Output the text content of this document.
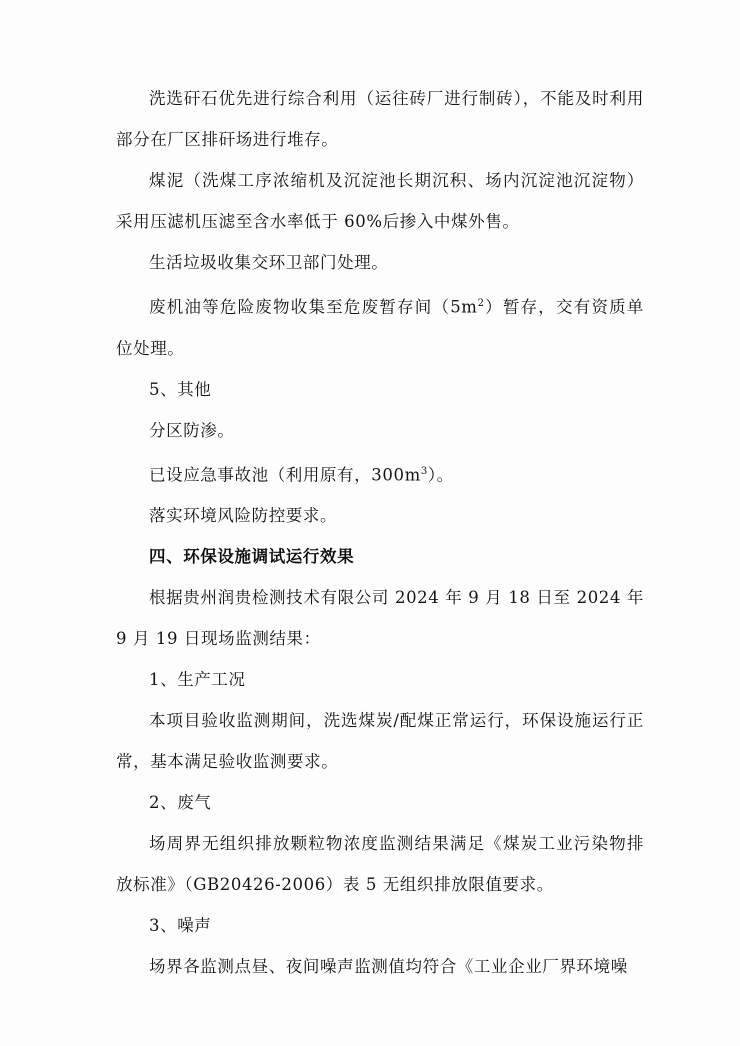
洗选矸石优先进行综合利用（运往砖厂进行制砖），不能及时利用部分在厂区排矸场进行堆存。

煤泥（洗煤工序浓缩机及沉淀池长期沉积、场内沉淀池沉淀物）采用压滤机压滤至含水率低于 60%后掺入中煤外售。

生活垃圾收集交环卫部门处理。

废机油等危险废物收集至危废暂存间$(5m^2)$暂存，交有资质单位处理。

5、其他

分区防渗。

已设应急事故池（利用原有，$300m^3$）。

落实环境风险防控要求。

四、环保设施调试运行效果

根据贵州润贵检测技术有限公司 2024 年 9 月 18 日至 2024 年 9 月 19 日现场监测结果：

1、生产工况

本项目验收监测期间，洗选煤炭/配煤正常运行，环保设施运行正常，基本满足验收监测要求。

2、废气

场周界无组织排放颗粒物浓度监测结果满足《煤炭工业污染物排放标准》（GB20426-2006）表 5 无组织排放限值要求。

3、噪声

场界各监测点昼、夜间噪声监测值均符合《工业企业厂界环境噪
